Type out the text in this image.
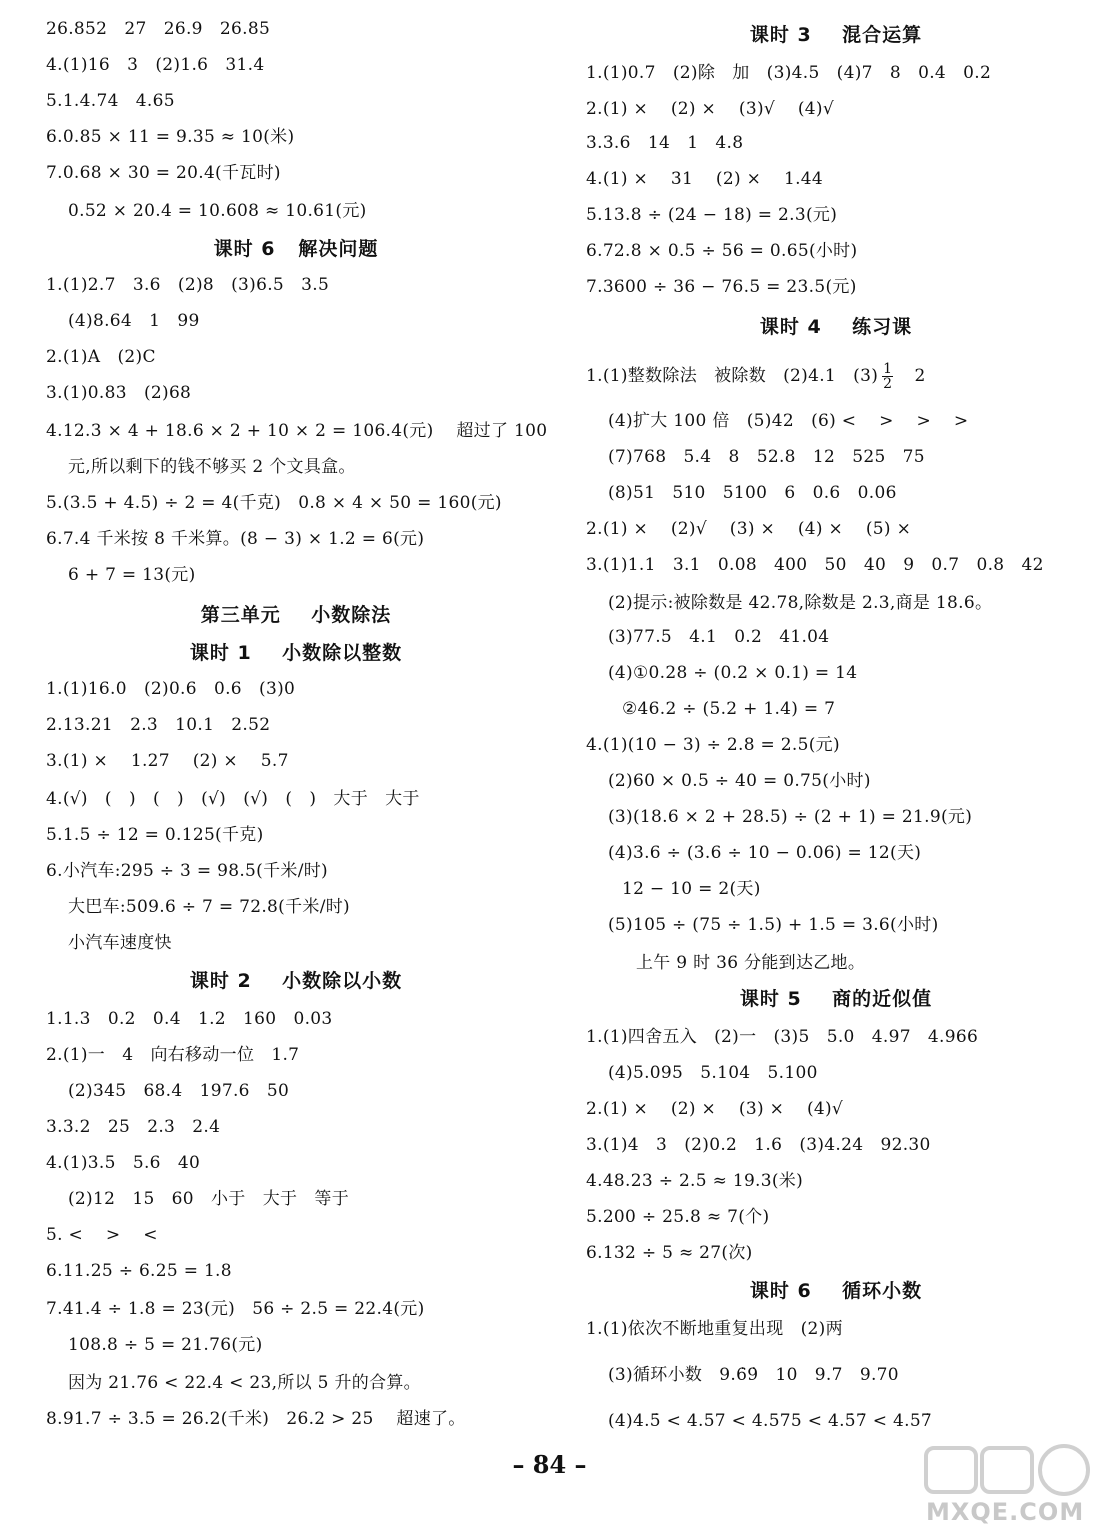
26.852   27   26.9   26.85
4.(1)16   3   (2)1.6   31.4
5.1.4.74   4.65
6.0.85 × 11 = 9.35 ≈ 10(米)
7.0.68 × 30 = 20.4(千瓦时)
0.52 × 20.4 = 10.608 ≈ 10.61(元)
课时 6   解决问题
1.(1)2.7   3.6   (2)8   (3)6.5   3.5
(4)8.64   1   99
2.(1)A   (2)C
3.(1)0.83   (2)68
4.12.3 × 4 + 18.6 × 2 + 10 × 2 = 106.4(元)    超过了 100
元,所以剩下的钱不够买 2 个文具盒。
5.(3.5 + 4.5) ÷ 2 = 4(千克)   0.8 × 4 × 50 = 160(元)
6.7.4 千米按 8 千米算。(8 − 3) × 1.2 = 6(元)
6 + 7 = 13(元)
第三单元    小数除法
课时 1    小数除以整数
1.(1)16.0   (2)0.6   0.6   (3)0
2.13.21   2.3   10.1   2.52
3.(1) ×    1.27    (2) ×    5.7
4.(√)   (   )   (   )   (√)   (√)   (   )   大于   大于
5.1.5 ÷ 12 = 0.125(千克)
6.小汽车:295 ÷ 3 = 98.5(千米/时)
大巴车:509.6 ÷ 7 = 72.8(千米/时)
小汽车速度快
课时 2    小数除以小数
1.1.3   0.2   0.4   1.2   160   0.03
2.(1)一   4   向右移动一位   1.7
(2)345   68.4   197.6   50
3.3.2   25   2.3   2.4
4.(1)3.5   5.6   40
(2)12   15   60   小于   大于   等于
5. <    >    <
6.11.25 ÷ 6.25 = 1.8
7.41.4 ÷ 1.8 = 23(元)   56 ÷ 2.5 = 22.4(元)
108.8 ÷ 5 = 21.76(元)
因为 21.76 < 22.4 < 23,所以 5 升的合算。
8.91.7 ÷ 3.5 = 26.2(千米)   26.2 > 25    超速了。
课时 3    混合运算
1.(1)0.7   (2)除   加   (3)4.5   (4)7   8   0.4   0.2
2.(1) ×    (2) ×    (3)√    (4)√
3.3.6   14   1   4.8
4.(1) ×    31    (2) ×    1.44
5.13.8 ÷ (24 − 18) = 2.3(元)
6.72.8 × 0.5 ÷ 56 = 0.65(小时)
7.3600 ÷ 36 − 76.5 = 23.5(元)
课时 4    练习课
1.(1)整数除法   被除数   (2)4.1   $(3) \frac{1}{2} 2$
(4)扩大 100 倍   (5)42   (6) <    >    >    >
(7)768   5.4   8   52.8   12   525   75
(8)51   510   5100   6   0.6   0.06
2.(1) ×    (2)√    (3) ×    (4) ×    (5) ×
3.(1)1.1   3.1   0.08   400   50   40   9   0.7   0.8   42
(2)提示:被除数是 42.78,除数是 2.3,商是 18.6。
(3)77.5   4.1   0.2   41.04
(4)①0.28 ÷ (0.2 × 0.1) = 14
②46.2 ÷ (5.2 + 1.4) = 7
4.(1)(10 − 3) ÷ 2.8 = 2.5(元)
(2)60 × 0.5 ÷ 40 = 0.75(小时)
(3)(18.6 × 2 + 28.5) ÷ (2 + 1) = 21.9(元)
(4)3.6 ÷ (3.6 ÷ 10 − 0.06) = 12(天)
12 − 10 = 2(天)
(5)105 ÷ (75 ÷ 1.5) + 1.5 = 3.6(小时)
上午 9 时 36 分能到达乙地。
课时 5    商的近似值
1.(1)四舍五入   (2)一   (3)5   5.0   4.97   4.966
(4)5.095   5.104   5.100
2.(1) ×    (2) ×    (3) ×    (4)√
3.(1)4   3   (2)0.2   1.6   (3)4.24   92.30
4.48.23 ÷ 2.5 ≈ 19.3(米)
5.200 ÷ 25.8 ≈ 7(个)
6.132 ÷ 5 ≈ 27(次)
课时 6    循环小数
1.(1)依次不断地重复出现   (2)两
(3)循环小数   9.6̇9̇   10   9.7   9.70
(4)4.5̇ < 4.57 < 4.575 < 4.5̇7̇ < 4.57̇
– 84 –
MXQE.COM
